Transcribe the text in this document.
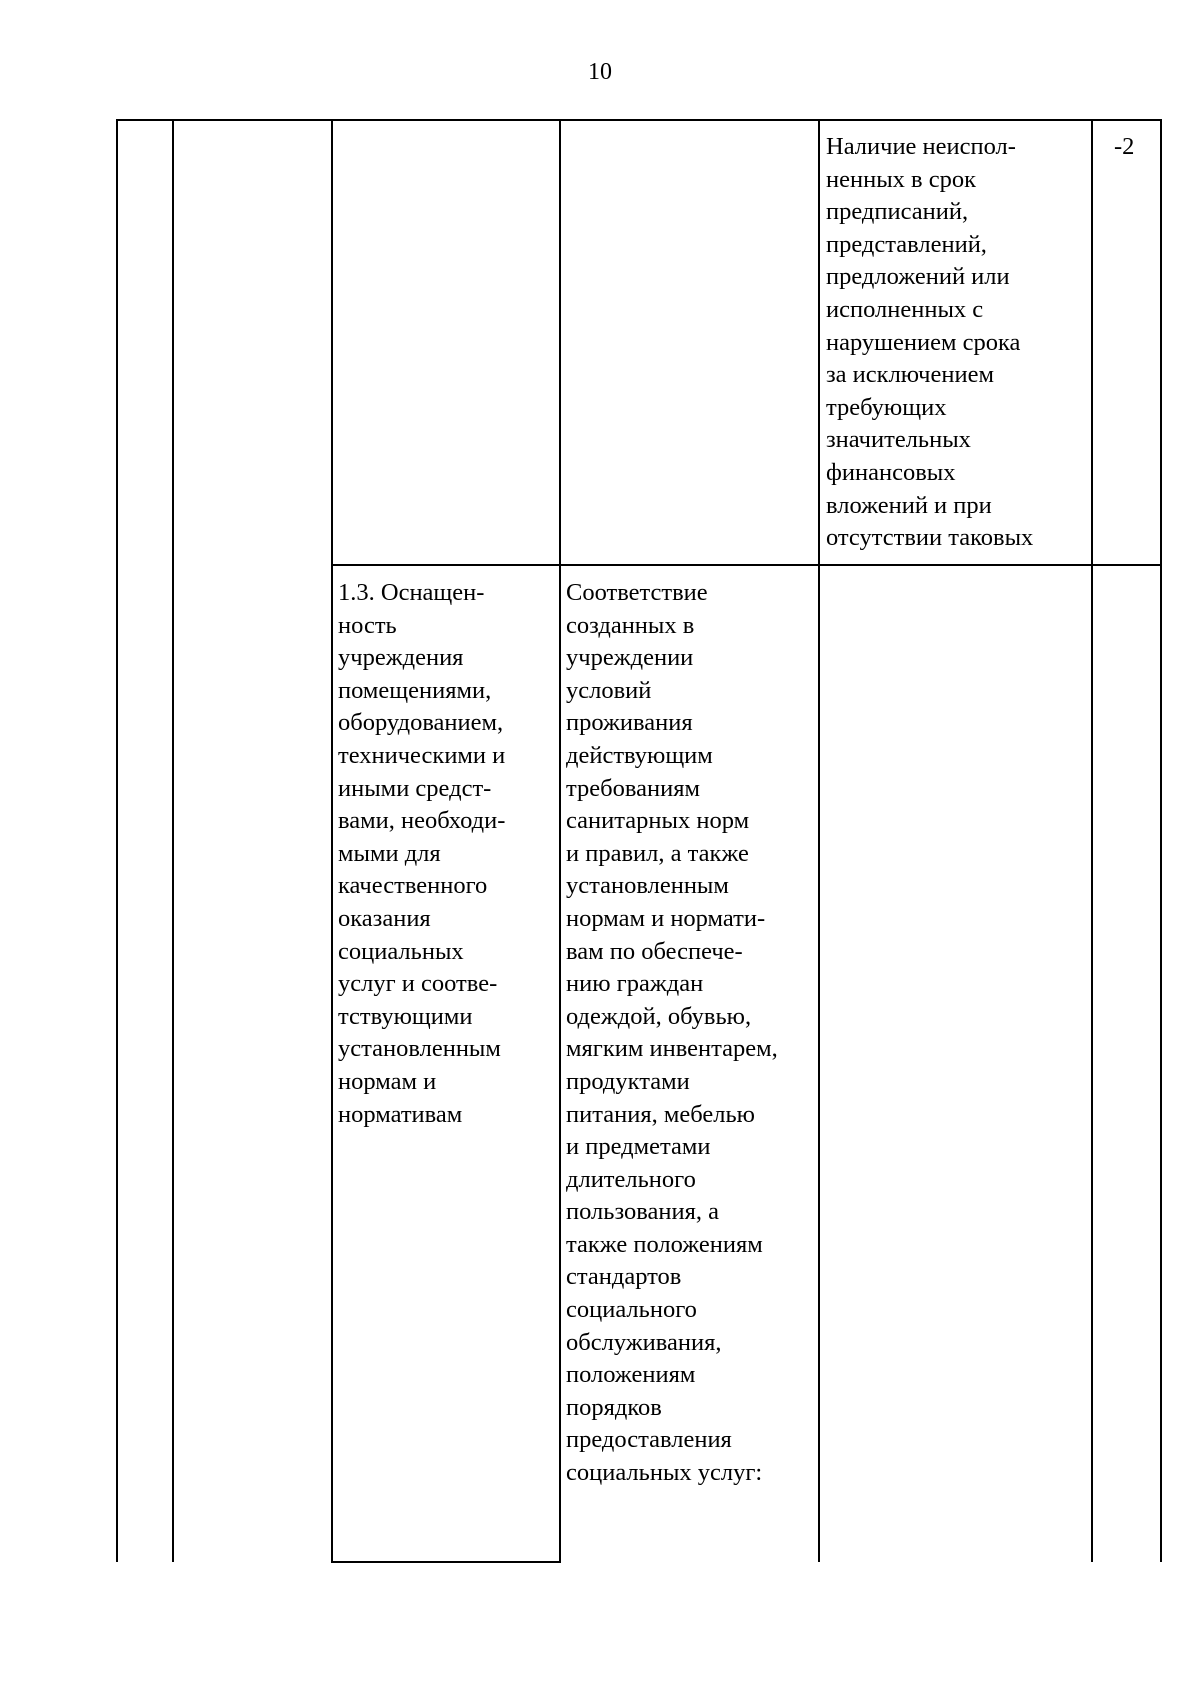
10

Наличие неиспол-
ненных в срок
предписаний,
представлений,
предложений или
исполненных с
нарушением срока
за исключением
требующих
значительных
финансовых
вложений и при
отсутствии таковых

-2

1.3. Оснащен-
ность
учреждения
помещениями,
оборудованием,
техническими и
иными средст-
вами, необходи-
мыми для
качественного
оказания
социальных
услуг и соотве-
тствующими
установленным
нормам и
нормативам

Соответствие
созданных в
учреждении
условий
проживания
действующим
требованиям
санитарных норм
и правил, а также
установленным
нормам и нормати-
вам по обеспече-
нию граждан
одеждой, обувью,
мягким инвентарем,
продуктами
питания, мебелью
и предметами
длительного
пользования, а
также положениям
стандартов
социального
обслуживания,
положениям
порядков
предоставления
социальных услуг:
